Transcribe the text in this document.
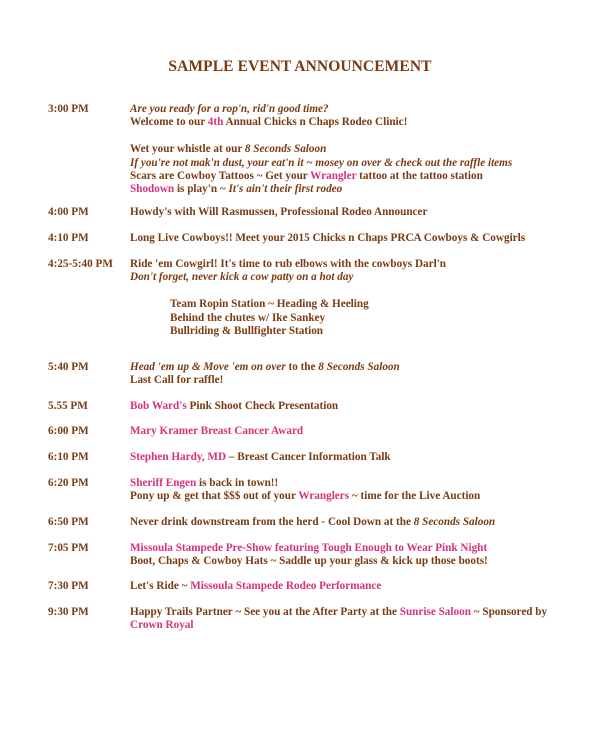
SAMPLE EVENT ANNOUNCEMENT
3:00 PM	Are you ready for a rop'n, rid'n good time?
Welcome to our 4th Annual Chicks n Chaps Rodeo Clinic!
Wet your whistle at our 8 Seconds Saloon
If you're not mak'n dust, your eat'n it ~ mosey on over & check out the raffle items
Scars are Cowboy Tattoos ~ Get your Wrangler tattoo at the tattoo station
Shodown is play'n ~ It's ain't their first rodeo
4:00 PM	Howdy's with Will Rasmussen, Professional Rodeo Announcer
4:10 PM	Long Live Cowboys!! Meet your 2015 Chicks n Chaps PRCA Cowboys & Cowgirls
4:25-5:40 PM	Ride 'em Cowgirl! It's time to rub elbows with the cowboys Darl'n
Don't forget, never kick a cow patty on a hot day
Team Ropin Station ~ Heading & Heeling
Behind the chutes w/ Ike Sankey
Bullriding & Bullfighter Station
5:40 PM	Head 'em up & Move 'em on over to the 8 Seconds Saloon
Last Call for raffle!
5.55 PM	Bob Ward's Pink Shoot Check Presentation
6:00 PM	Mary Kramer Breast Cancer Award
6:10 PM	Stephen Hardy, MD – Breast Cancer Information Talk
6:20 PM	Sheriff Engen is back in town!!
Pony up & get that $$$ out of your Wranglers ~ time for the Live Auction
6:50 PM	Never drink downstream from the herd - Cool Down at the 8 Seconds Saloon
7:05 PM	Missoula Stampede Pre-Show featuring Tough Enough to Wear Pink Night
Boot, Chaps & Cowboy Hats ~ Saddle up your glass & kick up those boots!
7:30 PM	Let's Ride ~ Missoula Stampede Rodeo Performance
9:30 PM	Happy Trails Partner ~ See you at the After Party at the Sunrise Saloon ~ Sponsored by
Crown Royal
